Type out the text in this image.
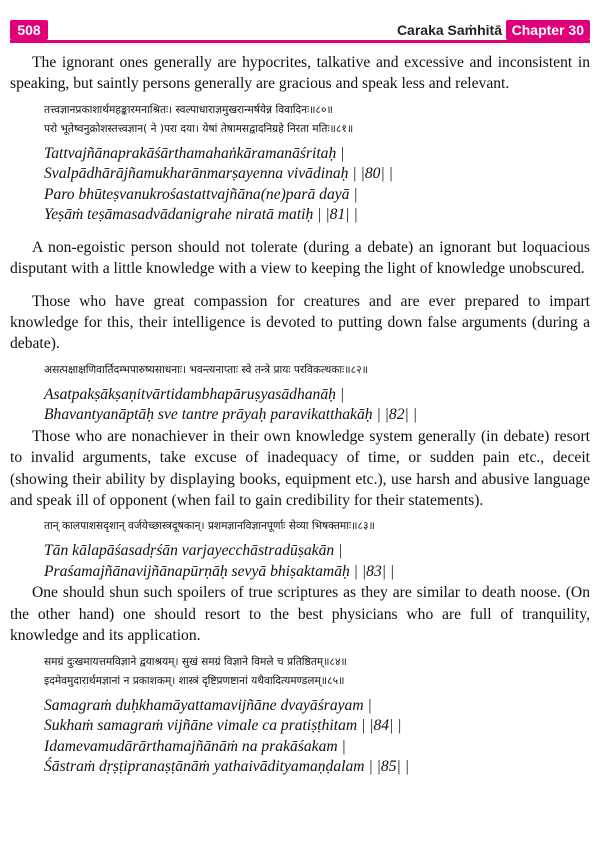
508	Caraka Saṁhitā Chapter 30

The ignorant ones generally are hypocrites, talkative and excessive and inconsistent in speaking, but saintly persons generally are gracious and speak less and relevant.

तत्त्वज्ञानप्रकाशार्थमहङ्कारमनाश्रितः। स्वल्पाधाराज्ञमुखरान्मर्षयेन्न विवादिनः॥८०॥
परो भूतेष्वनुक्रोशस्तत्त्वज्ञान( ने )परा दया। येषां तेषामसद्वादनिग्रहे निरता मतिः॥८१॥
Tattvajñānaprakāśārthamahaṅkāramanāśritaḥ |
Svalpādhārājñamukharānmarṣayenna vivādinaḥ | |80| |
Paro bhūteṣvanukrośastattvajñāna(ne)parā dayā |
Yeṣāṁ teṣāmasadvādanigrahe niratā matiḥ | |81| |

A non-egoistic person should not tolerate (during a debate) an ignorant but loquacious disputant with a little knowledge with a view to keeping the light of knowledge unobscured.

Those who have great compassion for creatures and are ever prepared to impart knowledge for this, their intelligence is devoted to putting down false arguments (during a debate).

असत्पक्षाक्षणिवार्तिदम्भपारुष्यसाधनाः। भवन्त्यनाप्ताः स्वे तन्त्रे प्रायः परविकत्थकाः॥८२॥
Asatpakṣākṣaṇitvārtidambhapāruṣyasādhanāḥ |
Bhavantyanāptāḥ sve tantre prāyaḥ paravikatthakāḥ | |82| |

Those who are nonachiever in their own knowledge system generally (in debate) resort to invalid arguments, take excuse of inadequacy of time, or sudden pain etc., deceit (showing their ability by displaying books, equipment etc.), use harsh and abusive language and speak ill of opponent (when fail to gain credibility for their statements).

तान् कालपाशसदृशान् वर्जयेच्छास्त्रदूषकान्। प्रशमज्ञानविज्ञानपूर्णाः सेव्या भिषक्तमाः॥८३॥
Tān kālapāśasadṛśān varjayecchāstradūṣakān |
Praśamajñānavijñānapūrṇāḥ sevyā bhiṣaktamāḥ | |83| |

One should shun such spoilers of true scriptures as they are similar to death noose. (On the other hand) one should resort to the best physicians who are full of tranquility, knowledge and its application.

समग्रं दुःखमायत्तमविज्ञाने द्वयाश्रयम्। सुखं समग्रं विज्ञाने विमले च प्रतिष्ठितम्॥८४॥
इदमेवमुदारार्थमज्ञानां न प्रकाशकम्। शास्त्रं दृष्टिप्रणष्टानां यथैवादित्यमण्डलम्॥८५॥
Samagraṁ duḥkhamāyattamavijñāne dvayāśrayam |
Sukhaṁ samagraṁ vijñāne vimale ca pratiṣṭhitam | |84| |
Idamevamudārārthamajñānāṁ na prakāśakam |
Śāstraṁ dṛṣṭipranaṣṭānāṁ yathaivādityamaṇḍalam | |85| |
